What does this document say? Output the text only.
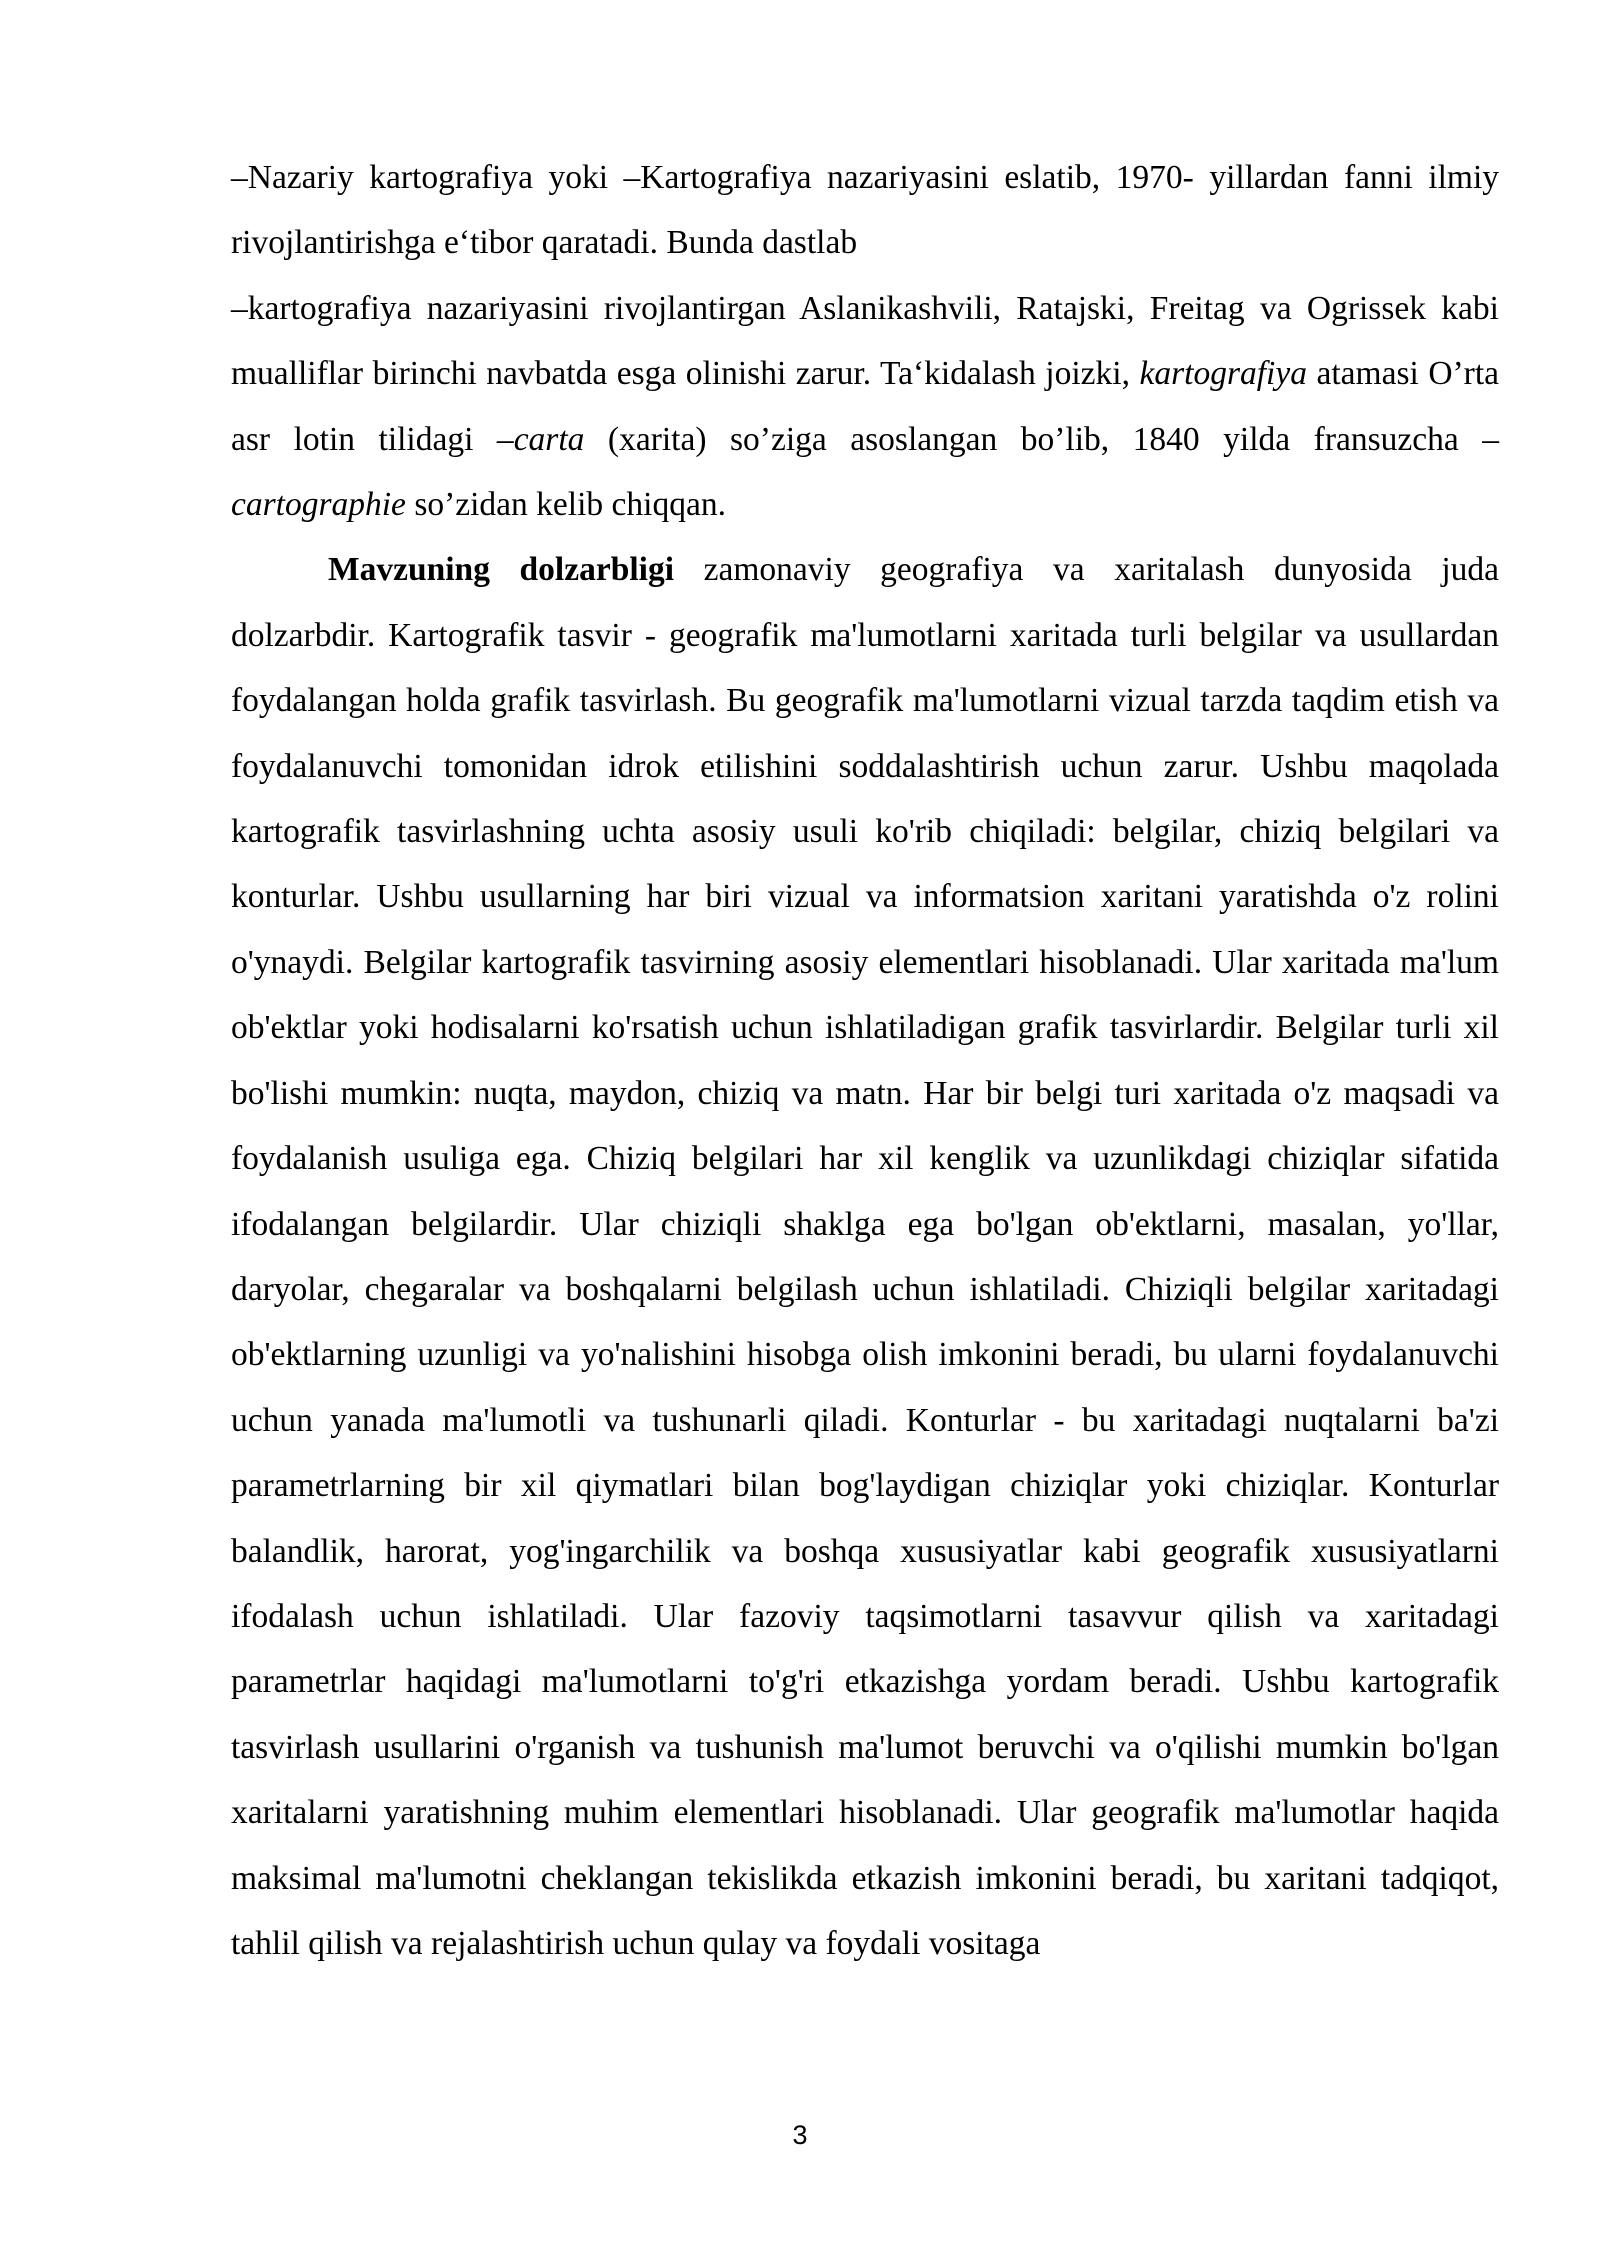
–Nazariy kartografiya yoki –Kartografiya nazariyasini eslatib, 1970- yillardan fanni ilmiy rivojlantirishga e‘tibor qaratadi. Bunda dastlab
–kartografiya nazariyasini rivojlantirgan Aslanikashvili, Ratajski, Freitag va Ogrissek kabi mualliflar birinchi navbatda esga olinishi zarur. Ta‘kidalash joizki, kartografiya atamasi O’rta asr lotin tilidagi –carta (xarita) so’ziga asoslangan bo’lib, 1840 yilda fransuzcha –cartographie so’zidan kelib chiqqan.

Mavzuning dolzarbligi zamonaviy geografiya va xaritalash dunyosida juda dolzarbdir. Kartografik tasvir - geografik ma'lumotlarni xaritada turli belgilar va usullardan foydalangan holda grafik tasvirlash. Bu geografik ma'lumotlarni vizual tarzda taqdim etish va foydalanuvchi tomonidan idrok etilishini soddalashtirish uchun zarur. Ushbu maqolada kartografik tasvirlashning uchta asosiy usuli ko'rib chiqiladi: belgilar, chiziq belgilari va konturlar. Ushbu usullarning har biri vizual va informatsion xaritani yaratishda o'z rolini o'ynaydi. Belgilar kartografik tasvirning asosiy elementlari hisoblanadi. Ular xaritada ma'lum ob'ektlar yoki hodisalarni ko'rsatish uchun ishlatiladigan grafik tasvirlardir. Belgilar turli xil bo'lishi mumkin: nuqta, maydon, chiziq va matn. Har bir belgi turi xaritada o'z maqsadi va foydalanish usuliga ega. Chiziq belgilari har xil kenglik va uzunlikdagi chiziqlar sifatida ifodalangan belgilardir. Ular chiziqli shaklga ega bo'lgan ob'ektlarni, masalan, yo'llar, daryolar, chegaralar va boshqalarni belgilash uchun ishlatiladi. Chiziqli belgilar xaritadagi ob'ektlarning uzunligi va yo'nalishini hisobga olish imkonini beradi, bu ularni foydalanuvchi uchun yanada ma'lumotli va tushunarli qiladi. Konturlar - bu xaritadagi nuqtalarni ba'zi parametrlarning bir xil qiymatlari bilan bog'laydigan chiziqlar yoki chiziqlar. Konturlar balandlik, harorat, yog'ingarchilik va boshqa xususiyatlar kabi geografik xususiyatlarni ifodalash uchun ishlatiladi. Ular fazoviy taqsimotlarni tasavvur qilish va xaritadagi parametrlar haqidagi ma'lumotlarni to'g'ri etkazishga yordam beradi. Ushbu kartografik tasvirlash usullarini o'rganish va tushunish ma'lumot beruvchi va o'qilishi mumkin bo'lgan xaritalarni yaratishning muhim elementlari hisoblanadi. Ular geografik ma'lumotlar haqida maksimal ma'lumotni cheklangan tekislikda etkazish imkonini beradi, bu xaritani tadqiqot, tahlil qilish va rejalashtirish uchun qulay va foydali vositaga

3
